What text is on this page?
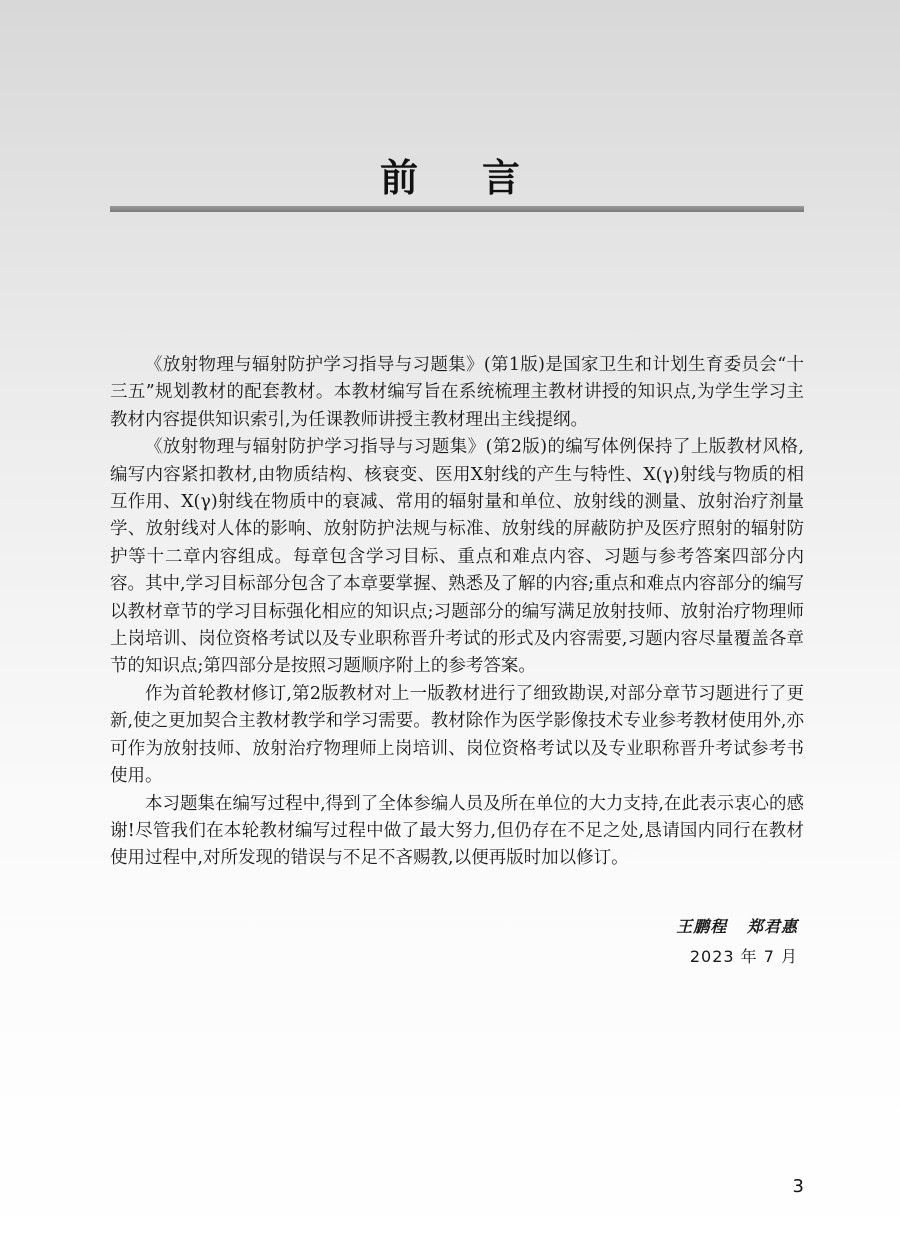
前言

《放射物理与辐射防护学习指导与习题集》(第1版)是国家卫生和计划生育委员会“十三五”规划教材的配套教材。本教材编写旨在系统梳理主教材讲授的知识点,为学生学习主教材内容提供知识索引,为任课教师讲授主教材理出主线提纲。

《放射物理与辐射防护学习指导与习题集》(第2版)的编写体例保持了上版教材风格,编写内容紧扣教材,由物质结构、核衰变、医用X射线的产生与特性、X(γ)射线与物质的相互作用、X(γ)射线在物质中的衰减、常用的辐射量和单位、放射线的测量、放射治疗剂量学、放射线对人体的影响、放射防护法规与标准、放射线的屏蔽防护及医疗照射的辐射防护等十二章内容组成。每章包含学习目标、重点和难点内容、习题与参考答案四部分内容。其中,学习目标部分包含了本章要掌握、熟悉及了解的内容;重点和难点内容部分的编写以教材章节的学习目标强化相应的知识点;习题部分的编写满足放射技师、放射治疗物理师上岗培训、岗位资格考试以及专业职称晋升考试的形式及内容需要,习题内容尽量覆盖各章节的知识点;第四部分是按照习题顺序附上的参考答案。

作为首轮教材修订,第2版教材对上一版教材进行了细致勘误,对部分章节习题进行了更新,使之更加契合主教材教学和学习需要。教材除作为医学影像技术专业参考教材使用外,亦可作为放射技师、放射治疗物理师上岗培训、岗位资格考试以及专业职称晋升考试参考书使用。

本习题集在编写过程中,得到了全体参编人员及所在单位的大力支持,在此表示衷心的感谢!尽管我们在本轮教材编写过程中做了最大努力,但仍存在不足之处,恳请国内同行在教材使用过程中,对所发现的错误与不足不吝赐教,以便再版时加以修订。

王鹏程   郑君惠
2023 年 7 月
3
